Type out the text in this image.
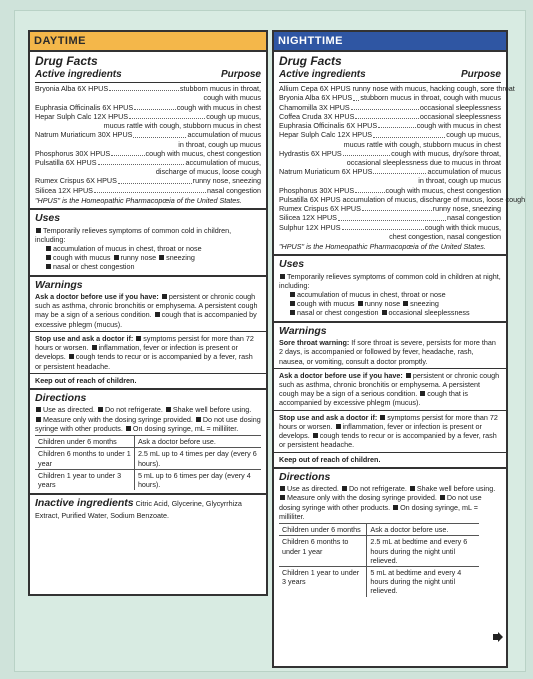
DAYTIME
Drug Facts
Active ingredients	Purpose
Bryonia Alba 6X HPUS	stubborn mucus in throat,
cough with mucus
Euphrasia Officinalis 6X HPUS	cough with mucus in chest
Hepar Sulph Calc 12X HPUS	cough up mucus,
mucus rattle with cough, stubborn mucus in chest
Natrum Muriaticum 30X HPUS	accumulation of mucus
in throat, cough up mucus
Phosphorus 30X HPUS	cough with mucus, chest congestion
Pulsatilla 6X HPUS	accumulation of mucus,
discharge of mucus, loose cough
Rumex Crispus 6X HPUS	runny nose, sneezing
Silicea 12X HPUS	nasal congestion
"HPUS" is the Homeopathic Pharmacopœia of the United States.
Uses
Temporarily relieves symptoms of common cold in children, including:
accumulation of mucus in chest, throat or nose
cough with mucus runny nose sneezing
nasal or chest congestion
Warnings
Ask a doctor before use if you have: persistent or chronic cough such as asthma, chronic bronchitis or emphysema. A persistent cough may be a sign of a serious condition. cough that is accompanied by excessive phlegm (mucus).
Stop use and ask a doctor if: symptoms persist for more than 72 hours or worsen. inflammation, fever or infection is present or develops. cough tends to recur or is accompanied by a fever, rash or persistent headache.
Keep out of reach of children.
Directions
Use as directed. Do not refrigerate. Shake well before using. Measure only with the dosing syringe provided. Do not use dosing syringe with other products. On dosing syringe, mL = milliliter.
Children under 6 months	Ask a doctor before use.
Children 6 months to under 1 year	2.5 mL up to 4 times per day (every 6 hours).
Children 1 year to under 3 years	5 mL up to 6 times per day (every 4 hours).
Inactive ingredients Citric Acid, Glycerine, Glycyrrhiza Extract, Purified Water, Sodium Benzoate.
NIGHTTIME
Drug Facts
Active ingredients	Purpose
Allium Cepa 6X HPUS runny nose with mucus, hacking cough, sore throat
Bryonia Alba 6X HPUS stubborn mucus in throat, cough with mucus
Chamomilla 3X HPUS	occasional sleeplessness
Coffea Cruda 3X HPUS	occasional sleeplessness
Euphrasia Officinalis 6X HPUS	cough with mucus in chest
Hepar Sulph Calc 12X HPUS	cough up mucus,
mucus rattle with cough, stubborn mucus in chest
Hydrastis 6X HPUS	cough with mucus, dry/sore throat,
occasional sleeplessness due to mucus in throat
Natrum Muriaticum 6X HPUS	accumulation of mucus
in throat, cough up mucus
Phosphorus 30X HPUS	cough with mucus, chest congestion
Pulsatilla 6X HPUS accumulation of mucus, discharge of mucus, loose cough
Rumex Crispus 6X HPUS	runny nose, sneezing
Silicea 12X HPUS	nasal congestion
Sulphur 12X HPUS	cough with thick mucus,
chest congestion, nasal congestion
"HPUS" is the Homeopathic Pharmacopœia of the United States.
Uses
Temporarily relieves symptoms of common cold in children at night, including:
accumulation of mucus in chest, throat or nose
cough with mucus runny nose sneezing
nasal or chest congestion occasional sleeplessness
Warnings
Sore throat warning: If sore throat is severe, persists for more than 2 days, is accompanied or followed by fever, headache, rash, nausea, or vomiting, consult a doctor promptly.
Ask a doctor before use if you have: persistent or chronic cough such as asthma, chronic bronchitis or emphysema. A persistent cough may be a sign of a serious condition. cough that is accompanied by excessive phlegm (mucus).
Stop use and ask a doctor if: symptoms persist for more than 72 hours or worsen. inflammation, fever or infection is present or develops. cough tends to recur or is accompanied by a fever, rash or persistent headache.
Keep out of reach of children.
Directions
Use as directed. Do not refrigerate. Shake well before using. Measure only with the dosing syringe provided. Do not use dosing syringe with other products. On dosing syringe, mL = milliliter.
Children under 6 months	Ask a doctor before use.
Children 6 months to under 1 year	2.5 mL at bedtime and every 6 hours during the night until relieved.
Children 1 year to under 3 years	5 mL at bedtime and every 4 hours during the night until relieved.
